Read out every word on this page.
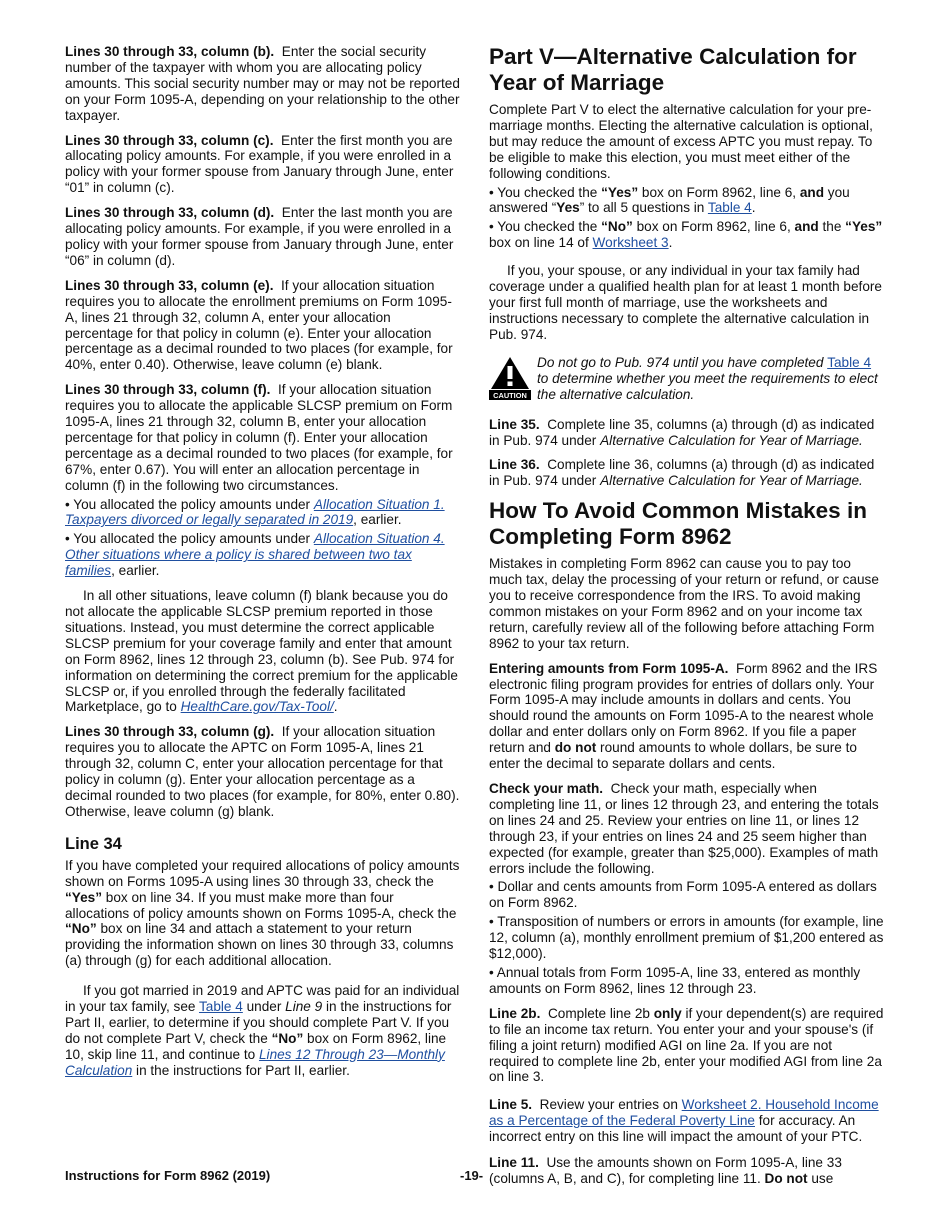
Lines 30 through 33, column (b). Enter the social security number of the taxpayer with whom you are allocating policy amounts. This social security number may or may not be reported on your Form 1095-A, depending on your relationship to the other taxpayer.

Lines 30 through 33, column (c). Enter the first month you are allocating policy amounts. For example, if you were enrolled in a policy with your former spouse from January through June, enter “01” in column (c).

Lines 30 through 33, column (d). Enter the last month you are allocating policy amounts. For example, if you were enrolled in a policy with your former spouse from January through June, enter “06” in column (d).

Lines 30 through 33, column (e). If your allocation situation requires you to allocate the enrollment premiums on Form 1095-A, lines 21 through 32, column A, enter your allocation percentage for that policy in column (e). Enter your allocation percentage as a decimal rounded to two places (for example, for 40%, enter 0.40). Otherwise, leave column (e) blank.

Lines 30 through 33, column (f). If your allocation situation requires you to allocate the applicable SLCSP premium on Form 1095-A, lines 21 through 32, column B, enter your allocation percentage for that policy in column (f). Enter your allocation percentage as a decimal rounded to two places (for example, for 67%, enter 0.67). You will enter an allocation percentage in column (f) in the following two circumstances.

• You allocated the policy amounts under Allocation Situation 1. Taxpayers divorced or legally separated in 2019, earlier.

• You allocated the policy amounts under Allocation Situation 4. Other situations where a policy is shared between two tax families, earlier.

In all other situations, leave column (f) blank because you do not allocate the applicable SLCSP premium reported in those situations. Instead, you must determine the correct applicable SLCSP premium for your coverage family and enter that amount on Form 8962, lines 12 through 23, column (b). See Pub. 974 for information on determining the correct premium for the applicable SLCSP or, if you enrolled through the federally facilitated Marketplace, go to HealthCare.gov/Tax-Tool/.

Lines 30 through 33, column (g). If your allocation situation requires you to allocate the APTC on Form 1095-A, lines 21 through 32, column C, enter your allocation percentage for that policy in column (g). Enter your allocation percentage as a decimal rounded to two places (for example, for 80%, enter 0.80). Otherwise, leave column (g) blank.

Line 34

If you have completed your required allocations of policy amounts shown on Forms 1095-A using lines 30 through 33, check the “Yes” box on line 34. If you must make more than four allocations of policy amounts shown on Forms 1095-A, check the “No” box on line 34 and attach a statement to your return providing the information shown on lines 30 through 33, columns (a) through (g) for each additional allocation.

If you got married in 2019 and APTC was paid for an individual in your tax family, see Table 4 under Line 9 in the instructions for Part II, earlier, to determine if you should complete Part V. If you do not complete Part V, check the “No” box on Form 8962, line 10, skip line 11, and continue to Lines 12 Through 23—Monthly Calculation in the instructions for Part II, earlier.

Part V—Alternative Calculation for Year of Marriage

Complete Part V to elect the alternative calculation for your pre-marriage months. Electing the alternative calculation is optional, but may reduce the amount of excess APTC you must repay. To be eligible to make this election, you must meet either of the following conditions.

• You checked the “Yes” box on Form 8962, line 6, and you answered “Yes” to all 5 questions in Table 4.

• You checked the “No” box on Form 8962, line 6, and the “Yes” box on line 14 of Worksheet 3.

If you, your spouse, or any individual in your tax family had coverage under a qualified health plan for at least 1 month before your first full month of marriage, use the worksheets and instructions necessary to complete the alternative calculation in Pub. 974.

CAUTION
Do not go to Pub. 974 until you have completed Table 4 to determine whether you meet the requirements to elect the alternative calculation.

Line 35. Complete line 35, columns (a) through (d) as indicated in Pub. 974 under Alternative Calculation for Year of Marriage.

Line 36. Complete line 36, columns (a) through (d) as indicated in Pub. 974 under Alternative Calculation for Year of Marriage.

How To Avoid Common Mistakes in Completing Form 8962

Mistakes in completing Form 8962 can cause you to pay too much tax, delay the processing of your return or refund, or cause you to receive correspondence from the IRS. To avoid making common mistakes on your Form 8962 and on your income tax return, carefully review all of the following before attaching Form 8962 to your tax return.

Entering amounts from Form 1095-A. Form 8962 and the IRS electronic filing program provides for entries of dollars only. Your Form 1095-A may include amounts in dollars and cents. You should round the amounts on Form 1095-A to the nearest whole dollar and enter dollars only on Form 8962. If you file a paper return and do not round amounts to whole dollars, be sure to enter the decimal to separate dollars and cents.

Check your math. Check your math, especially when completing line 11, or lines 12 through 23, and entering the totals on lines 24 and 25. Review your entries on line 11, or lines 12 through 23, if your entries on lines 24 and 25 seem higher than expected (for example, greater than $25,000). Examples of math errors include the following.

• Dollar and cents amounts from Form 1095-A entered as dollars on Form 8962.

• Transposition of numbers or errors in amounts (for example, line 12, column (a), monthly enrollment premium of $1,200 entered as $12,000).

• Annual totals from Form 1095-A, line 33, entered as monthly amounts on Form 8962, lines 12 through 23.

Line 2b. Complete line 2b only if your dependent(s) are required to file an income tax return. You enter your and your spouse's (if filing a joint return) modified AGI on line 2a. If you are not required to complete line 2b, enter your modified AGI from line 2a on line 3.

Line 5. Review your entries on Worksheet 2. Household Income as a Percentage of the Federal Poverty Line for accuracy. An incorrect entry on this line will impact the amount of your PTC.

Line 11. Use the amounts shown on Form 1095-A, line 33 (columns A, B, and C), for completing line 11. Do not use

Instructions for Form 8962 (2019)	-19-
